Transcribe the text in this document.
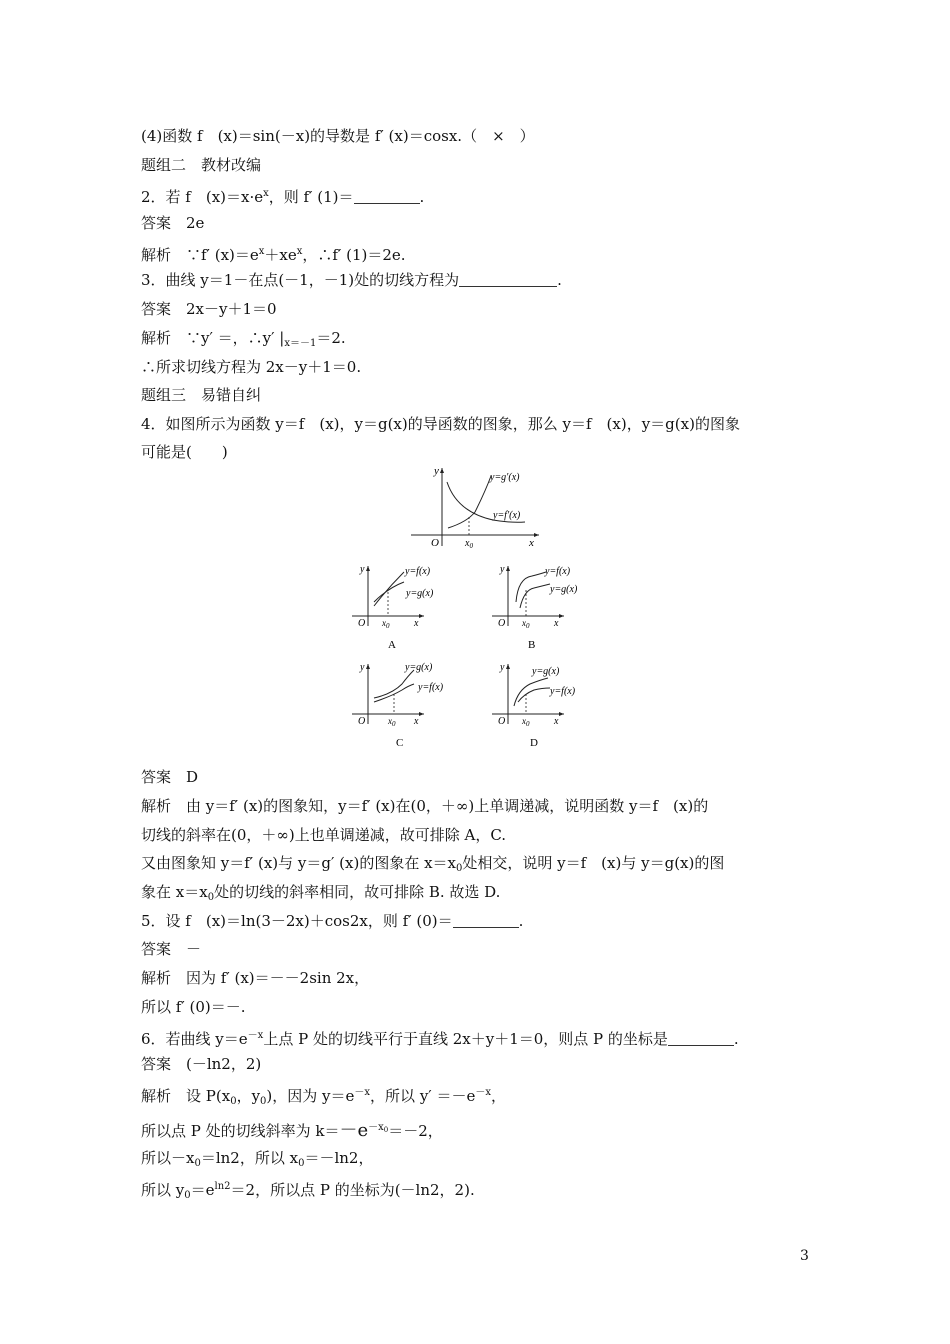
(4)函数 f　(x)＝sin(－x)的导数是 f′ (x)＝cosx.（　×　）
题组二　教材改编
2．若 f　$(x)=x\cdot e^x$，则 f′ (1)＝	.
答案　2e
解析　∵f′ $(x)=e^x+xe^x$，∴f′ (1)＝2e.
3．曲线 y＝1－在点(－1，－1)处的切线方程为	.
答案　2x－y＋1＝0
解析　∵y′ ＝，∴y′ $|_{x=-1}=2$.
∴所求切线方程为 2x－y＋1＝0.
题组三　易错自纠
4．如图所示为函数 y＝f　(x)，y＝g(x)的导函数的图象，那么 y＝f　(x)，y＝g(x)的图象
可能是(　　)
y
O	x
$x_0$
y=g′(x)
y=f′(x)
y
O $x_0$ x
y=f(x)
y=g(x)
A
y
O $x_0$ x
y=f(x)
y=g(x)
B
y
O	$x_0$ x
y=g(x)
y=f(x)
C
y
O $x_0$ x
y=g(x)
y=f(x)
D
答案　D
解析　由 y＝f′ (x)的图象知，y＝f′ (x)在(0，＋∞)上单调递减，说明函数 y＝f　(x)的
切线的斜率在(0，＋∞)上也单调递减，故可排除 A，C.
又由图象知 y＝f′ (x)与 y＝g′ (x)的图象在 $x=x_0$处相交，说明 y＝f　(x)与 y＝g(x)的图
象在 $x=x_0$处的切线的斜率相同，故可排除 B. 故选 D.
5．设 f　(x)＝ln(3－2x)＋cos2x，则 f′ (0)＝	.
答案　－
解析　因为 f′ (x)＝－－2sin 2x，
所以 f′ (0)＝－.
6．若曲线 $y=e^{-x}$上点 P 处的切线平行于直线 2x＋y＋1＝0，则点 P 的坐标是	.
答案　(－ln2，2)
解析　设 $P(x_0$，$y_0$)，因为 $y=e^{-x}$，所以 $y' =-e^{-x}$，
所以点 P 处的切线斜率为 $k=-e^{-x0}=-2$，
所以$-x_0=\ln 2$，所以 $x_0=-\ln 2$，
所以 $y_0=e^{ln2}=2$，所以点 P 的坐标为(－ln2，2).
3
